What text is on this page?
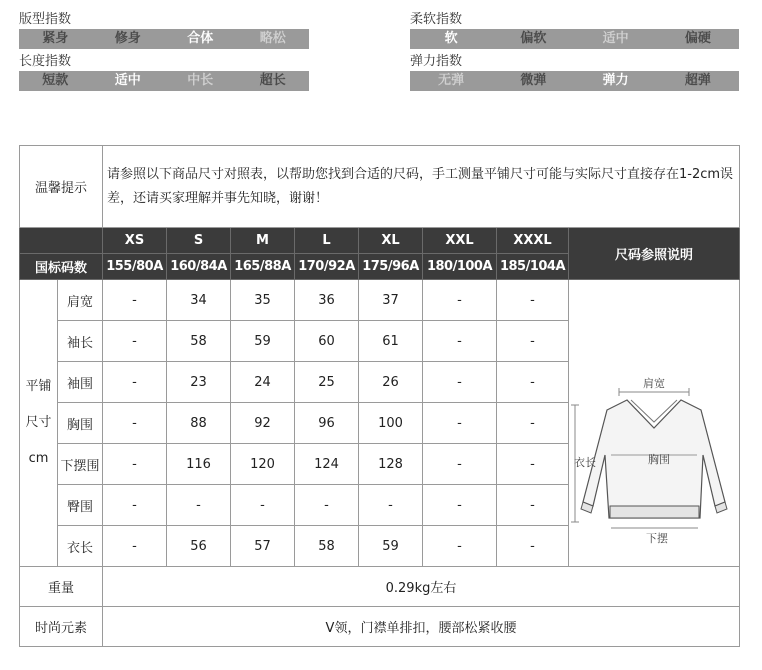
版型指数
紧身	修身	合体	略松
柔软指数
软	偏软	适中	偏硬
长度指数
短款	适中	中长	超长
弹力指数
无弹	微弹	弹力	超弹
温馨提示		请参照以下商品尺寸对照表，以帮助您找到合适的尺码，手工测量平铺尺寸可能与实际尺寸直接存在1-2cm误差，还请买家理解并事先知晓，谢谢！							
		XS	S	M	L	XL	XXL	XXXL	尺码参照说明
国标码数		155/80A	160/84A	165/88A	170/92A	175/96A	180/100A	185/104A	
平铺
尺寸
cm	肩宽	-	34	35	36	37	-	-	肩宽
衣长 胸围
下摆

	袖长	-	58	59	60	61	-	-	
	袖围	-	23	24	25	26	-	-	
	胸围	-	88	92	96	100	-	-	
	下摆围	-	116	120	124	128	-	-	
	臀围	-	-	-	-	-	-	-	
	衣长	-	56	57	58	59	-	-	
重量		0.29kg左右							
时尚元素		V领，门襟单排扣，腰部松紧收腰							
